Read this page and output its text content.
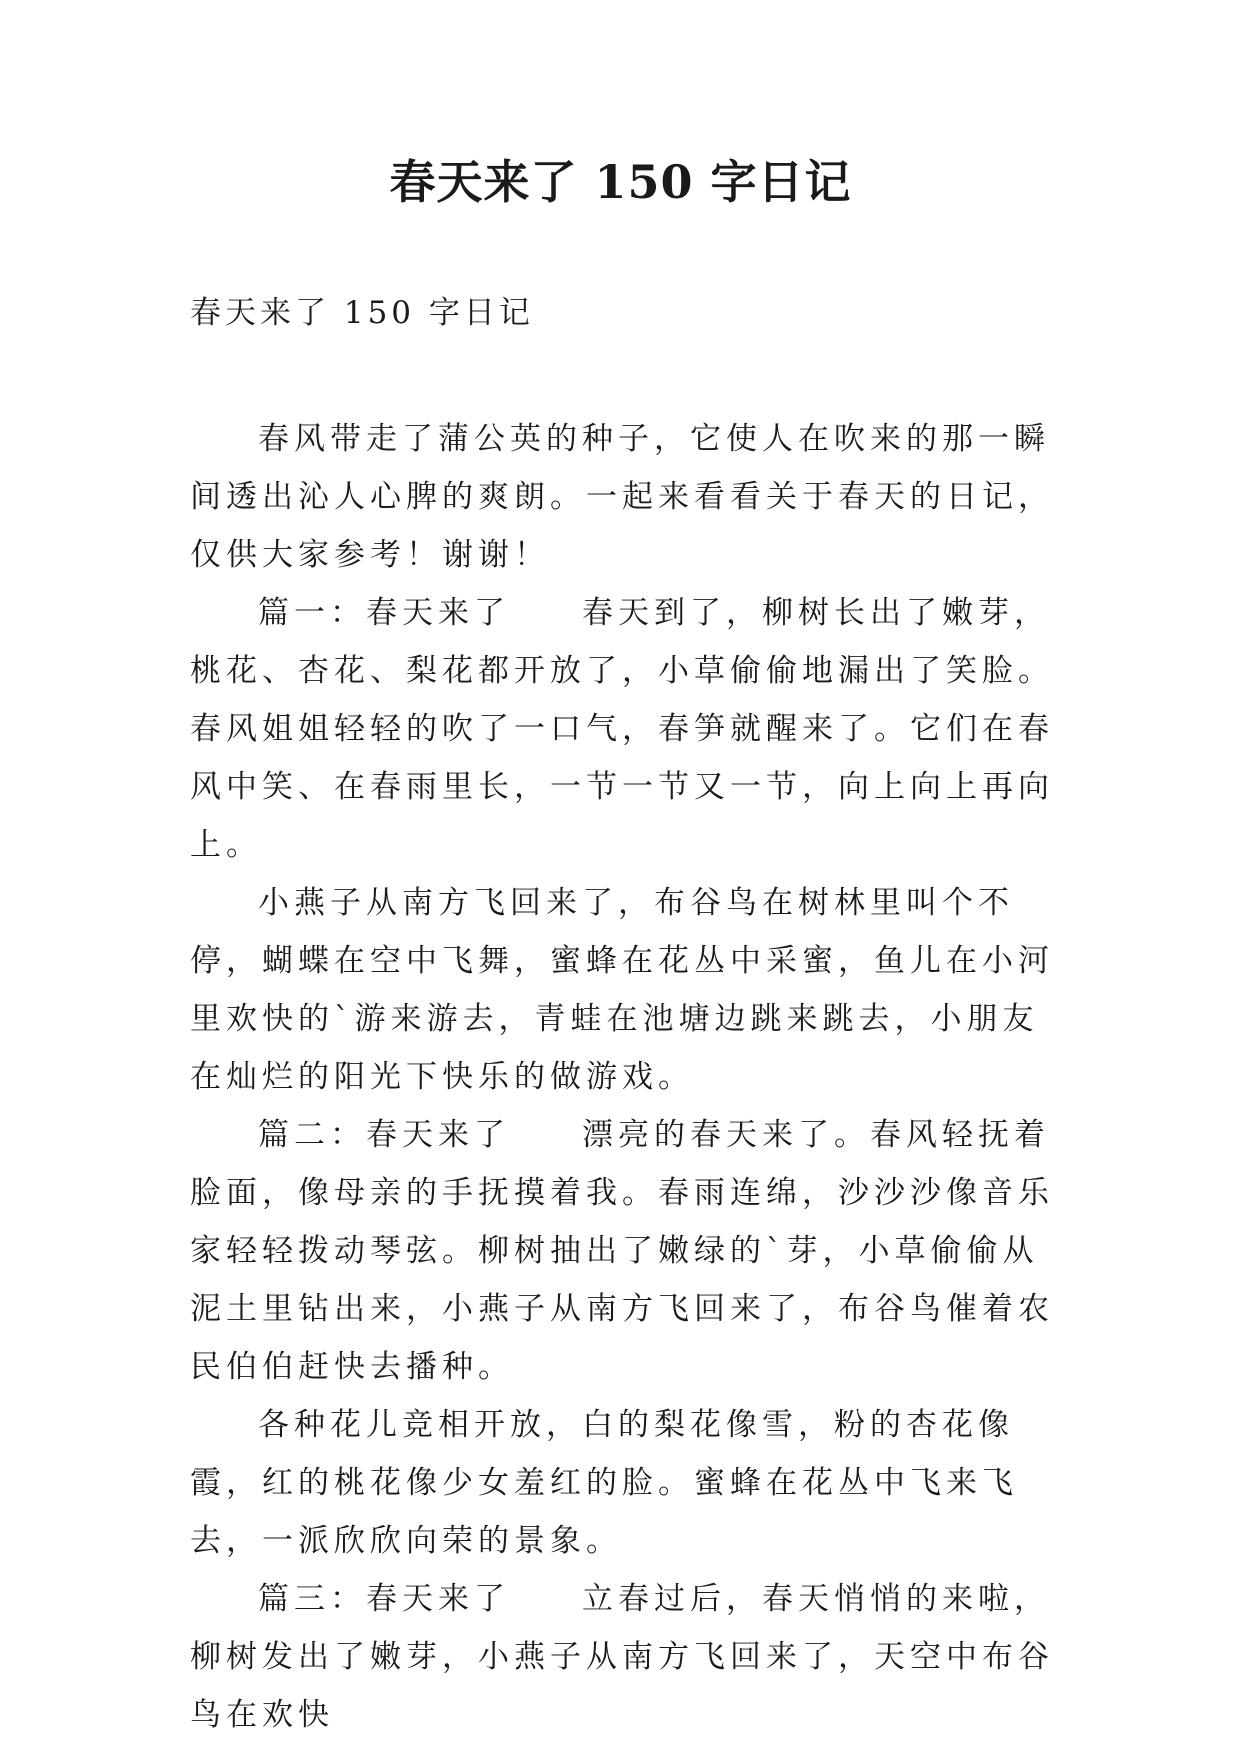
春天来了 150 字日记

春天来了 150 字日记

春风带走了蒲公英的种子，它使人在吹来的那一瞬间透出沁人心脾的爽朗。一起来看看关于春天的日记，仅供大家参考！谢谢！

篇一：春天来了　　春天到了，柳树长出了嫩芽，桃花、杏花、梨花都开放了，小草偷偷地漏出了笑脸。春风姐姐轻轻的吹了一口气，春笋就醒来了。它们在春风中笑、在春雨里长，一节一节又一节，向上向上再向上。

小燕子从南方飞回来了，布谷鸟在树林里叫个不停，蝴蝶在空中飞舞，蜜蜂在花丛中采蜜，鱼儿在小河里欢快的`游来游去，青蛙在池塘边跳来跳去，小朋友在灿烂的阳光下快乐的做游戏。

篇二：春天来了　　漂亮的春天来了。春风轻抚着脸面，像母亲的手抚摸着我。春雨连绵，沙沙沙像音乐家轻轻拨动琴弦。柳树抽出了嫩绿的`芽，小草偷偷从泥土里钻出来，小燕子从南方飞回来了，布谷鸟催着农民伯伯赶快去播种。

各种花儿竞相开放，白的梨花像雪，粉的杏花像霞，红的桃花像少女羞红的脸。蜜蜂在花丛中飞来飞去，一派欣欣向荣的景象。

篇三：春天来了　　立春过后，春天悄悄的来啦，柳树发出了嫩芽，小燕子从南方飞回来了，天空中布谷鸟在欢快
